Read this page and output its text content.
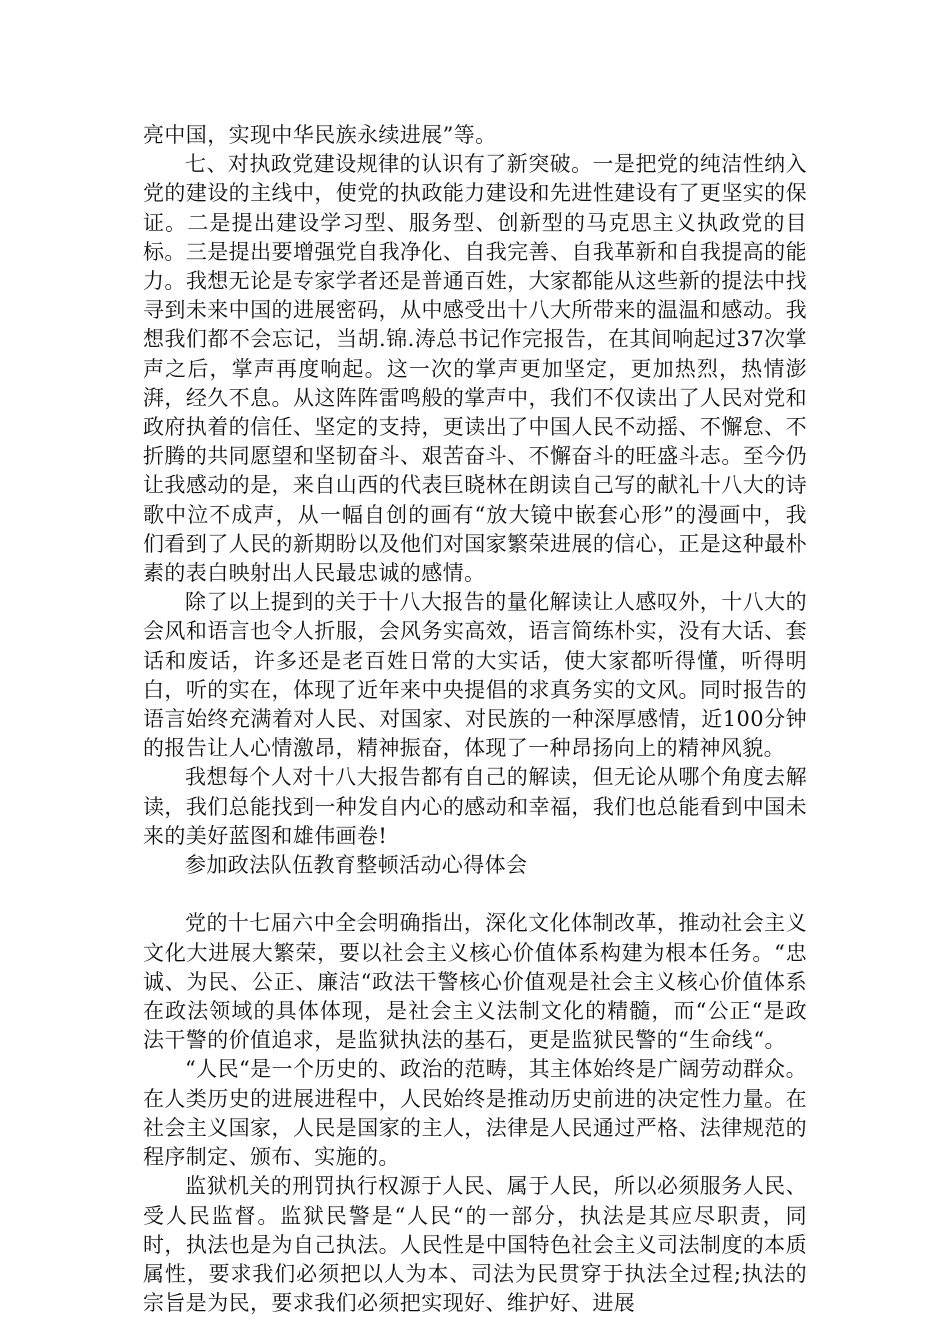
亮中国，实现中华民族永续进展”等。

七、对执政党建设规律的认识有了新突破。一是把党的纯洁性纳入党的建设的主线中，使党的执政能力建设和先进性建设有了更坚实的保证。二是提出建设学习型、服务型、创新型的马克思主义执政党的目标。三是提出要增强党自我净化、自我完善、自我革新和自我提高的能力。我想无论是专家学者还是普通百姓，大家都能从这些新的提法中找寻到未来中国的进展密码，从中感受出十八大所带来的温温和感动。我想我们都不会忘记，当胡.锦.涛总书记作完报告，在其间响起过37次掌声之后，掌声再度响起。这一次的掌声更加坚定，更加热烈，热情澎湃，经久不息。从这阵阵雷鸣般的掌声中，我们不仅读出了人民对党和政府执着的信任、坚定的支持，更读出了中国人民不动摇、不懈怠、不折腾的共同愿望和坚韧奋斗、艰苦奋斗、不懈奋斗的旺盛斗志。至今仍让我感动的是，来自山西的代表巨晓林在朗读自己写的献礼十八大的诗歌中泣不成声，从一幅自创的画有“放大镜中嵌套心形”的漫画中，我们看到了人民的新期盼以及他们对国家繁荣进展的信心，正是这种最朴素的表白映射出人民最忠诚的感情。

除了以上提到的关于十八大报告的量化解读让人感叹外，十八大的会风和语言也令人折服，会风务实高效，语言简练朴实，没有大话、套话和废话，许多还是老百姓日常的大实话，使大家都听得懂，听得明白，听的实在，体现了近年来中央提倡的求真务实的文风。同时报告的语言始终充满着对人民、对国家、对民族的一种深厚感情，近100分钟的报告让人心情激昂，精神振奋，体现了一种昂扬向上的精神风貌。

我想每个人对十八大报告都有自己的解读，但无论从哪个角度去解读，我们总能找到一种发自内心的感动和幸福，我们也总能看到中国未来的美好蓝图和雄伟画卷!

参加政法队伍教育整顿活动心得体会

党的十七届六中全会明确指出，深化文化体制改革，推动社会主义文化大进展大繁荣，要以社会主义核心价值体系构建为根本任务。“忠诚、为民、公正、廉洁“政法干警核心价值观是社会主义核心价值体系在政法领域的具体体现，是社会主义法制文化的精髓，而“公正“是政法干警的价值追求，是监狱执法的基石，更是监狱民警的“生命线“。

“人民“是一个历史的、政治的范畴，其主体始终是广阔劳动群众。在人类历史的进展进程中，人民始终是推动历史前进的决定性力量。在社会主义国家，人民是国家的主人，法律是人民通过严格、法律规范的程序制定、颁布、实施的。

监狱机关的刑罚执行权源于人民、属于人民，所以必须服务人民、受人民监督。监狱民警是“人民“的一部分，执法是其应尽职责，同时，执法也是为自己执法。人民性是中国特色社会主义司法制度的本质属性，要求我们必须把以人为本、司法为民贯穿于执法全过程;执法的宗旨是为民，要求我们必须把实现好、维护好、进展
